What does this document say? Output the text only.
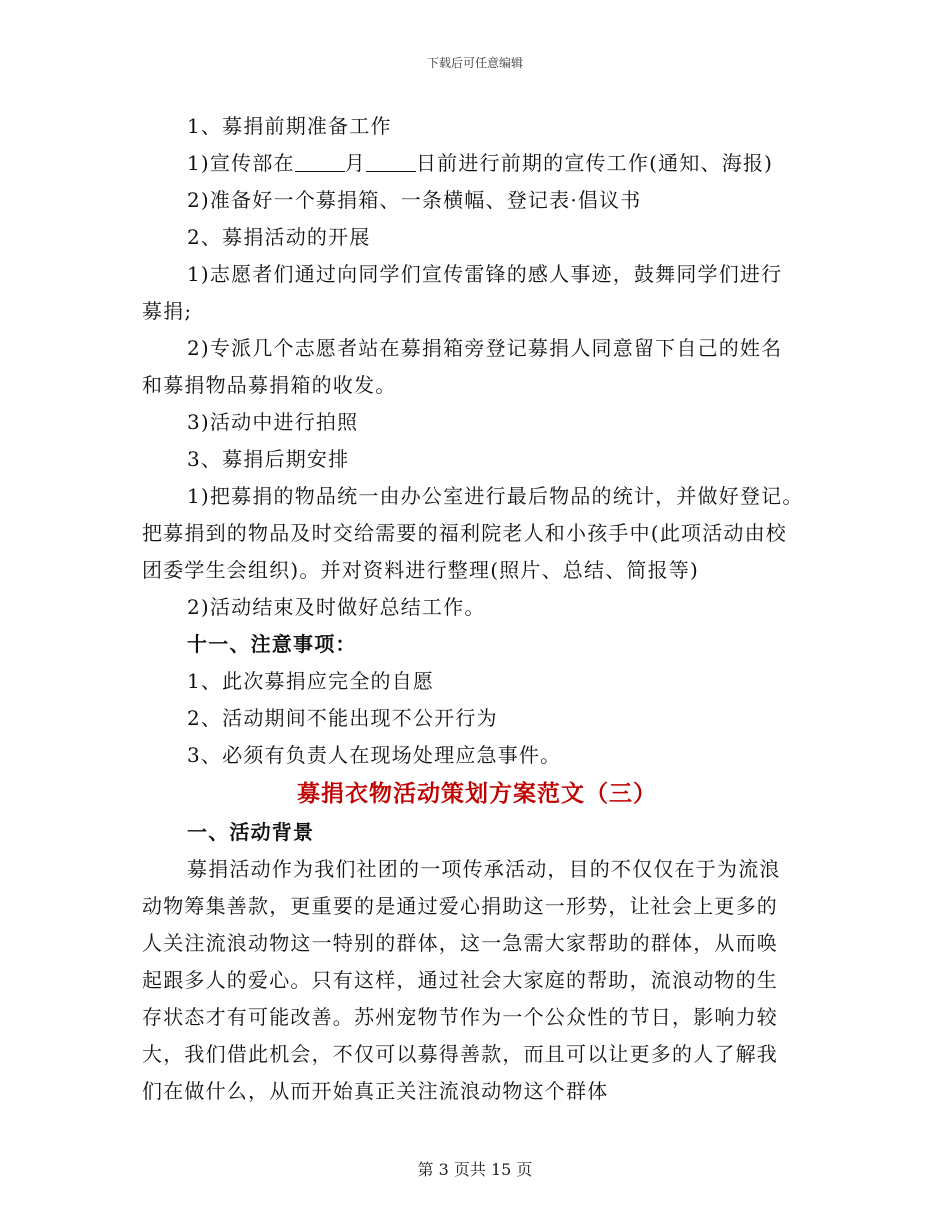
下载后可任意编辑
1、募捐前期准备工作
1)宣传部在	月	日前进行前期的宣传工作(通知、海报)
2)准备好一个募捐箱、一条横幅、登记表·倡议书
2、募捐活动的开展
1)志愿者们通过向同学们宣传雷锋的感人事迹，鼓舞同学们进行
募捐;
2)专派几个志愿者站在募捐箱旁登记募捐人同意留下自己的姓名
和募捐物品募捐箱的收发。
3)活动中进行拍照
3、募捐后期安排
1)把募捐的物品统一由办公室进行最后物品的统计，并做好登记。
把募捐到的物品及时交给需要的福利院老人和小孩手中(此项活动由校
团委学生会组织)。并对资料进行整理(照片、总结、简报等)
2)活动结束及时做好总结工作。
十一、注意事项：
1、此次募捐应完全的自愿
2、活动期间不能出现不公开行为
3、必须有负责人在现场处理应急事件。
募捐衣物活动策划方案范文（三）
一、活动背景
募捐活动作为我们社团的一项传承活动，目的不仅仅在于为流浪
动物筹集善款，更重要的是通过爱心捐助这一形势，让社会上更多的
人关注流浪动物这一特别的群体，这一急需大家帮助的群体，从而唤
起跟多人的爱心。只有这样，通过社会大家庭的帮助，流浪动物的生
存状态才有可能改善。苏州宠物节作为一个公众性的节日，影响力较
大，我们借此机会，不仅可以募得善款，而且可以让更多的人了解我
们在做什么，从而开始真正关注流浪动物这个群体
第 3 页共 15 页
